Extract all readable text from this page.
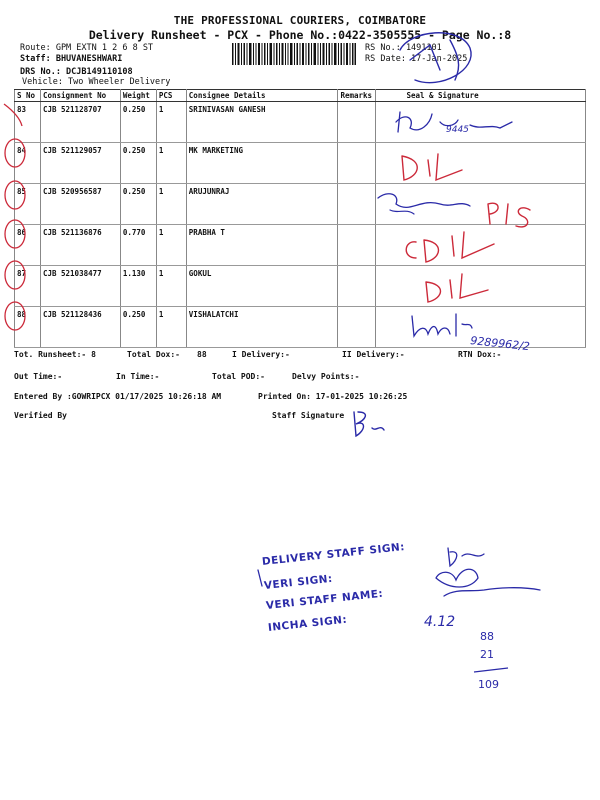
THE PROFESSIONAL COURIERS, COIMBATORE
Delivery Runsheet - PCX - Phone No.:0422-3505555 - Page No.:8
Route: GPM EXTN 1 2 6 8 ST
Staff: BHUVANESHWARI
DRS No.: DCJB149110108
Vehicle: Two Wheeler Delivery
RS No.: 1491101
RS Date: 17-Jan-2025
S No	Consignment No	Weight	PCS	Consignee Details	Remarks	Seal & Signature
83	CJB 521128707	0.250	1	SRINIVASAN GANESH		
84	CJB 521129057	0.250	1	MK MARKETING		
85	CJB 520956587	0.250	1	ARUJUNRAJ		
86	CJB 521136876	0.770	1	PRABHA T		
87	CJB 521038477	1.130	1	GOKUL		
88	CJB 521128436	0.250	1	VISHALATCHI		
Tot. Runsheet:- 8	Total Dox:- 88	I Delivery:-	II Delivery:-	RTN Dox:-
Out Time:-	In Time:-	Total POD:-	Delvy Points:-
Entered By :GOWRIPCX 01/17/2025 10:26:18 AM	Printed On: 17-01-2025 10:26:25
Verified By	Staff Signature
9445
9289962/2
DELIVERY STAFF SIGN:
VERI SIGN:
VERI STAFF NAME:
INCHA SIGN:	4.12
88
21
109
